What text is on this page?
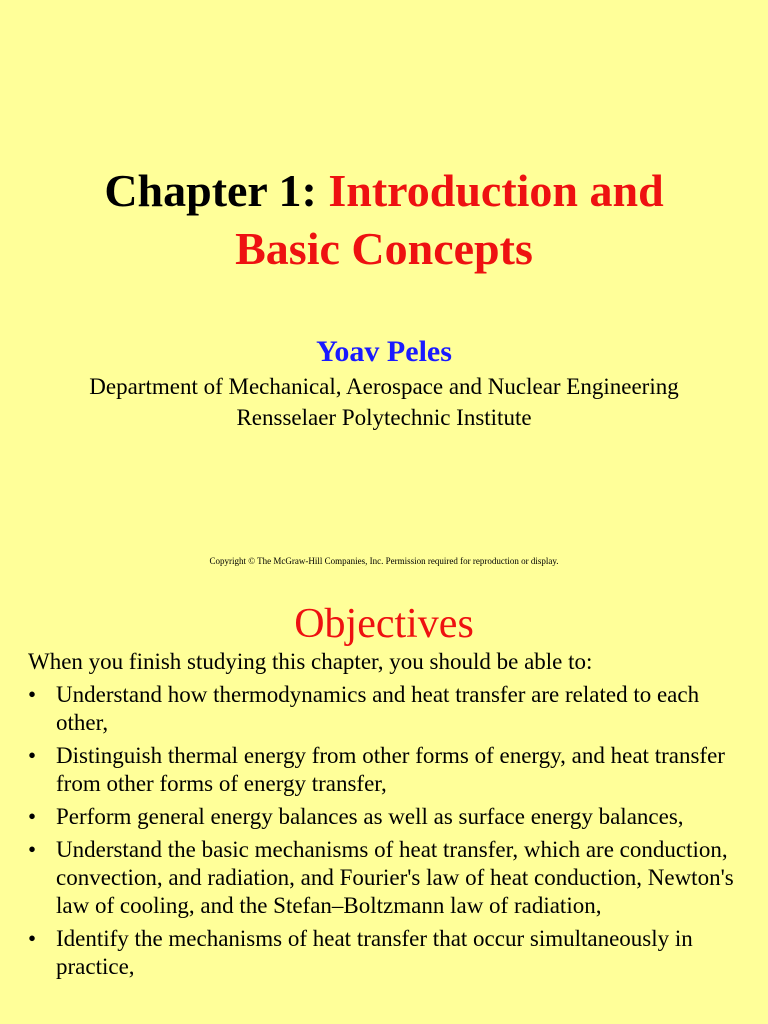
Chapter 1: Introduction and
Basic Concepts
Yoav Peles
Department of Mechanical, Aerospace and Nuclear Engineering
Rensselaer Polytechnic Institute
Copyright © The McGraw-Hill Companies, Inc. Permission required for reproduction or display.
Objectives
When you finish studying this chapter, you should be able to:
• Understand how thermodynamics and heat transfer are related to each other,
• Distinguish thermal energy from other forms of energy, and heat transfer from other forms of energy transfer,
• Perform general energy balances as well as surface energy balances,
• Understand the basic mechanisms of heat transfer, which are conduction, convection, and radiation, and Fourier's law of heat conduction, Newton's law of cooling, and the Stefan–Boltzmann law of radiation,
• Identify the mechanisms of heat transfer that occur simultaneously in practice,
